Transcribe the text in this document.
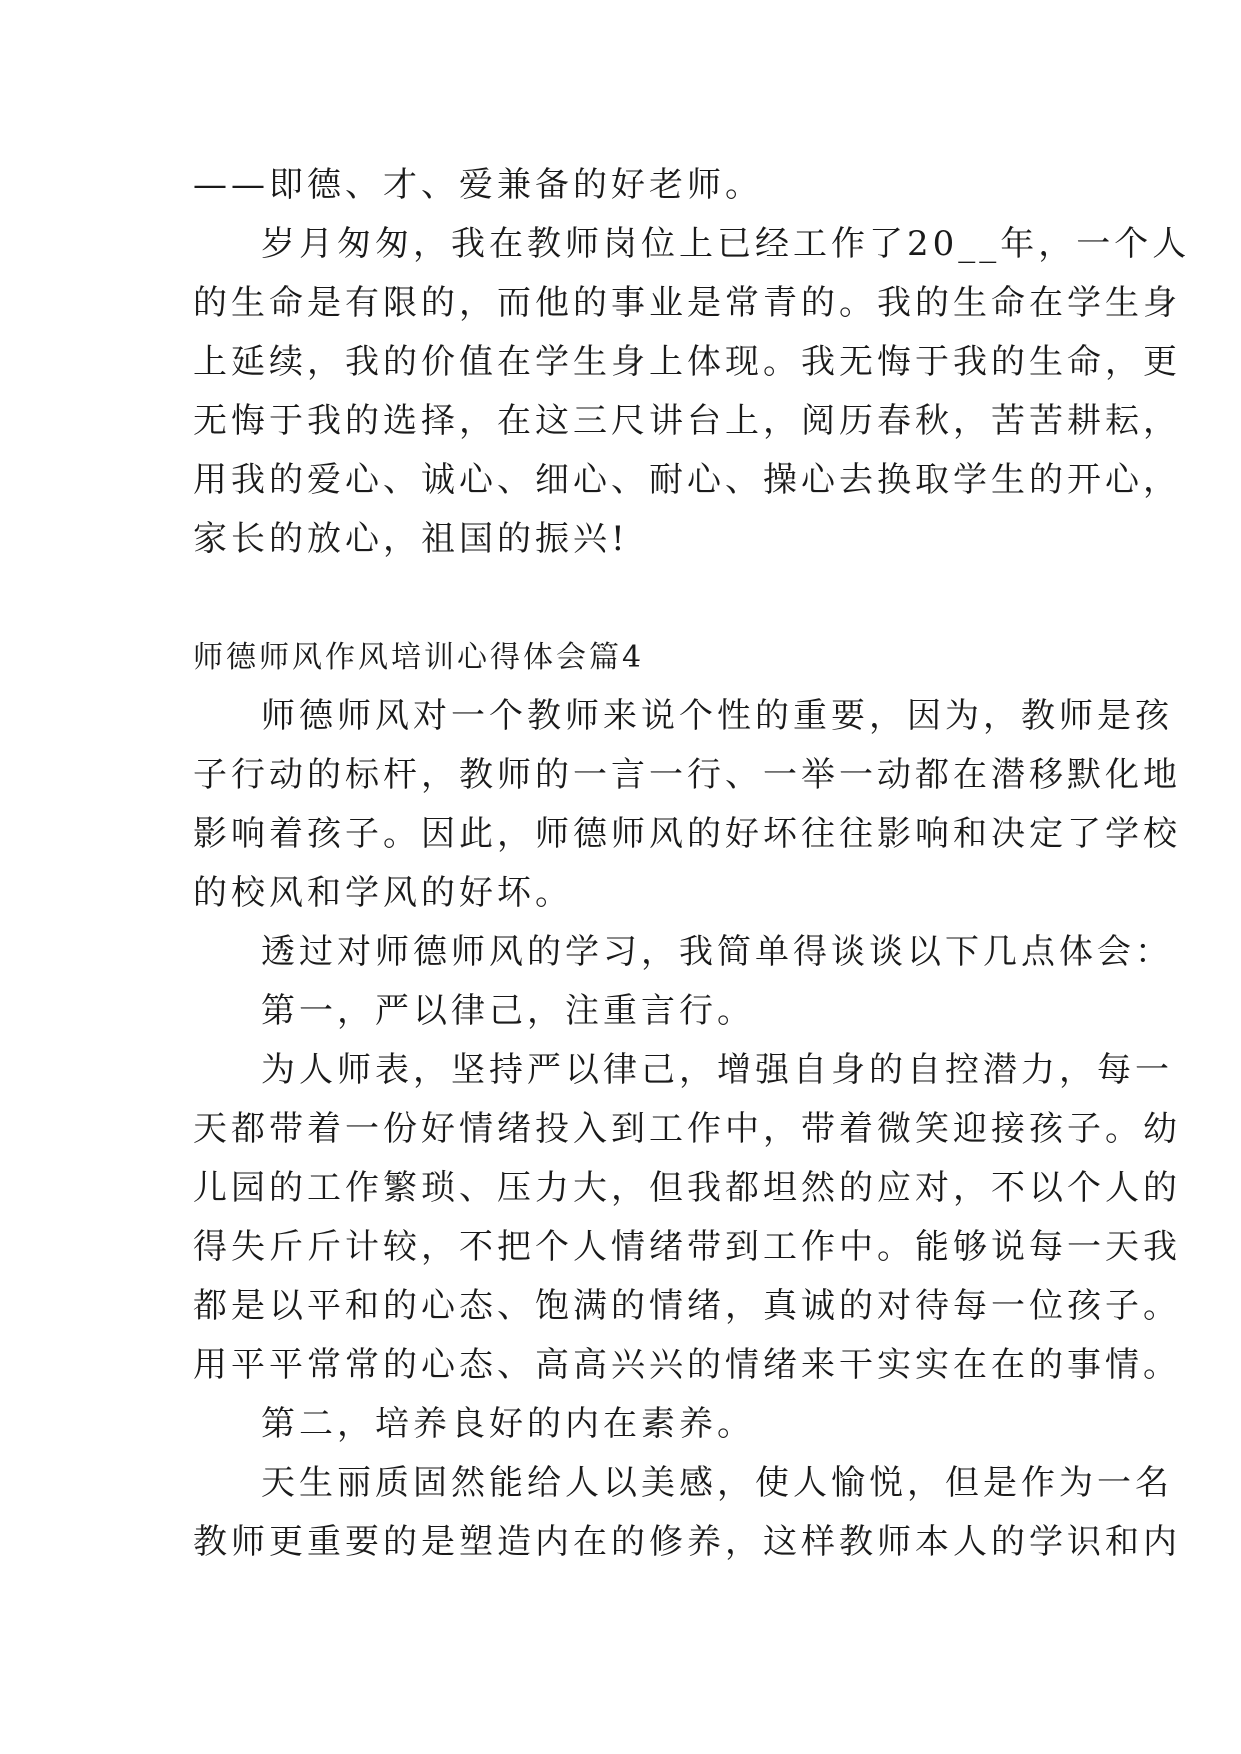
——即德、才、爱兼备的好老师。
岁月匆匆，我在教师岗位上已经工作了20__年，一个人
的生命是有限的，而他的事业是常青的。我的生命在学生身
上延续，我的价值在学生身上体现。我无悔于我的生命，更
无悔于我的选择，在这三尺讲台上，阅历春秋，苦苦耕耘，
用我的爱心、诚心、细心、耐心、操心去换取学生的开心，
家长的放心，祖国的振兴!
师德师风作风培训心得体会篇4
师德师风对一个教师来说个性的重要，因为，教师是孩
子行动的标杆，教师的一言一行、一举一动都在潜移默化地
影响着孩子。因此，师德师风的好坏往往影响和决定了学校
的校风和学风的好坏。
透过对师德师风的学习，我简单得谈谈以下几点体会：
第一，严以律己，注重言行。
为人师表，坚持严以律己，增强自身的自控潜力，每一
天都带着一份好情绪投入到工作中，带着微笑迎接孩子。幼
儿园的工作繁琐、压力大，但我都坦然的应对，不以个人的
得失斤斤计较，不把个人情绪带到工作中。能够说每一天我
都是以平和的心态、饱满的情绪，真诚的对待每一位孩子。
用平平常常的心态、高高兴兴的情绪来干实实在在的事情。
第二，培养良好的内在素养。
天生丽质固然能给人以美感，使人愉悦，但是作为一名
教师更重要的是塑造内在的修养，这样教师本人的学识和内
